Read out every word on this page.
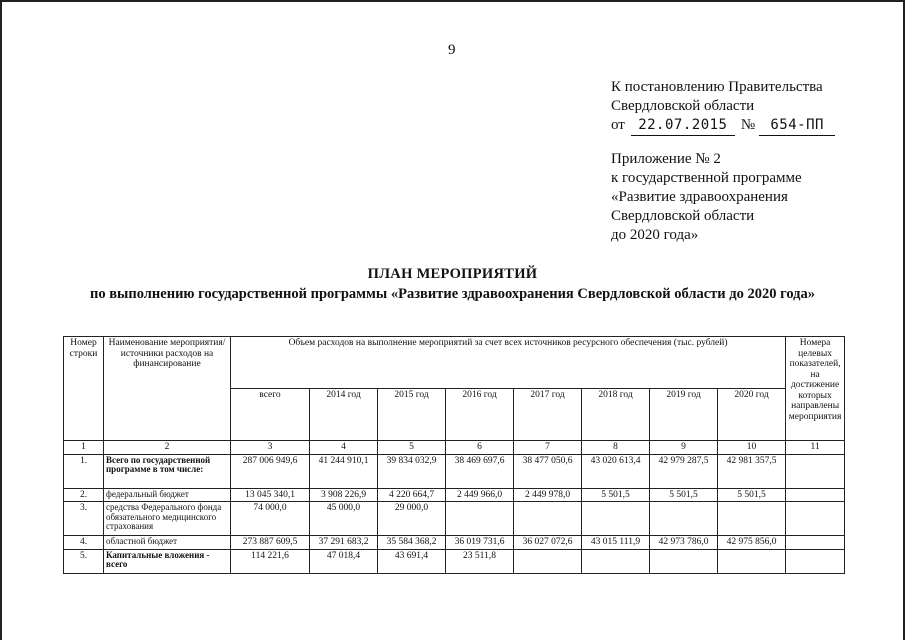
9
К постановлению Правительства
Свердловской области
от 22.07.2015 №	654-ПП
Приложение № 2
к государственной программе
«Развитие здравоохранения
Свердловской области
до 2020 года»
ПЛАН МЕРОПРИЯТИЙ
по выполнению государственной программы «Развитие здравоохранения Свердловской области до 2020 года»
Номер строки	Наименование мероприятия/источники расходов на финансирование	Объем расходов на выполнение мероприятий за счет всех источников ресурсного обеспечения (тыс. рублей)								Номера целевых показателей, на достижение которых направлены мероприятия
		всего	2014 год	2015 год	2016 год	2017 год	2018 год	2019 год	2020 год	
1	2	3	4	5	6	7	8	9	10	11
1.	Всего по государственной программе в том числе:	287 006 949,6	41 244 910,1	39 834 032,9	38 469 697,6	38 477 050,6	43 020 613,4	42 979 287,5	42 981 357,5	
2.	федеральный бюджет	13 045 340,1	3 908 226,9	4 220 664,7	2 449 966,0	2 449 978,0	5 501,5	5 501,5	5 501,5	
3.	средства Федерального фонда обязательного медицинского страхования	74 000,0	45 000,0	29 000,0						
4.	областной бюджет	273 887 609,5	37 291 683,2	35 584 368,2	36 019 731,6	36 027 072,6	43 015 111,9	42 973 786,0	42 975 856,0	
5.	Капитальные вложения - всего	114 221,6	47 018,4	43 691,4	23 511,8					
